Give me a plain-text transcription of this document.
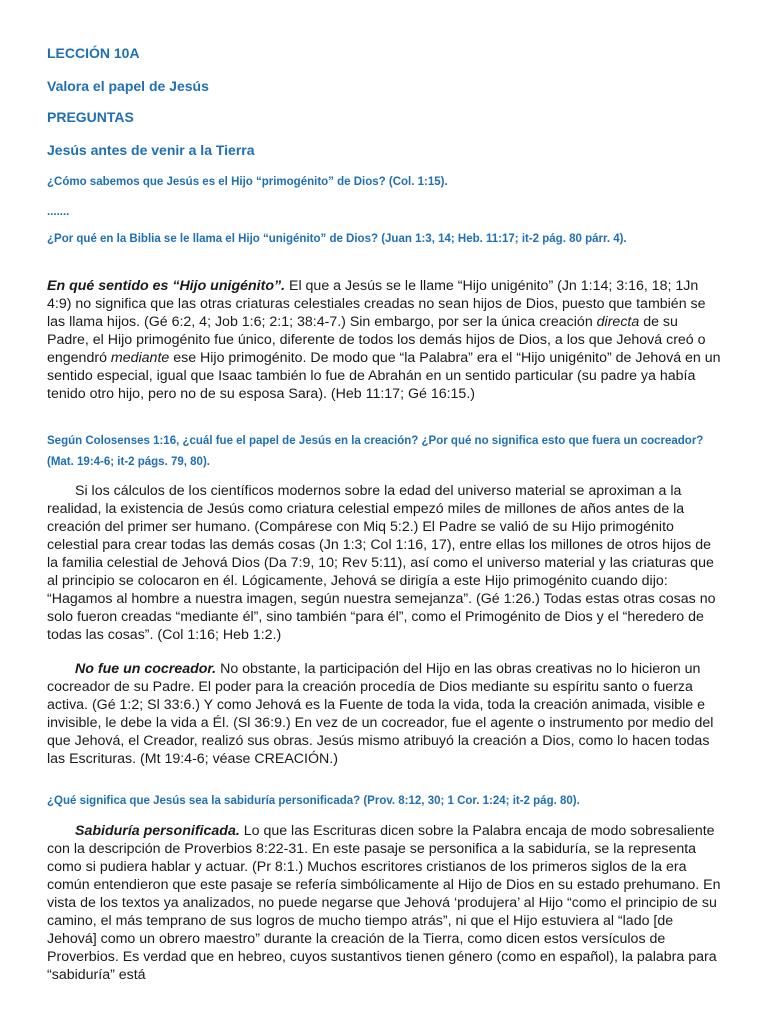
LECCIÓN 10A
Valora el papel de Jesús
PREGUNTAS
Jesús antes de venir a la Tierra

¿Cómo sabemos que Jesús es el Hijo “primogénito” de Dios? (Col. 1:15).

.......

¿Por qué en la Biblia se le llama el Hijo “unigénito” de Dios? (Juan 1:3, 14; Heb. 11:17; it-2 pág. 80 párr. 4).

En qué sentido es “Hijo unigénito”. El que a Jesús se le llame “Hijo unigénito” (Jn 1:14; 3:16, 18; 1Jn 4:9) no significa que las otras criaturas celestiales creadas no sean hijos de Dios, puesto que también se las llama hijos. (Gé 6:2, 4; Job 1:6; 2:1; 38:4-7.) Sin embargo, por ser la única creación directa de su Padre, el Hijo primogénito fue único, diferente de todos los demás hijos de Dios, a los que Jehová creó o engendró mediante ese Hijo primogénito. De modo que “la Palabra” era el “Hijo unigénito” de Jehová en un sentido especial, igual que Isaac también lo fue de Abrahán en un sentido particular (su padre ya había tenido otro hijo, pero no de su esposa Sara). (Heb 11:17; Gé 16:15.)

Según Colosenses 1:16, ¿cuál fue el papel de Jesús en la creación? ¿Por qué no significa esto que fuera un cocreador? (Mat. 19:4-6; it-2 págs. 79, 80).

Si los cálculos de los científicos modernos sobre la edad del universo material se aproximan a la realidad, la existencia de Jesús como criatura celestial empezó miles de millones de años antes de la creación del primer ser humano. (Compárese con Miq 5:2.) El Padre se valió de su Hijo primogénito celestial para crear todas las demás cosas (Jn 1:3; Col 1:16, 17), entre ellas los millones de otros hijos de la familia celestial de Jehová Dios (Da 7:9, 10; Rev 5:11), así como el universo material y las criaturas que al principio se colocaron en él. Lógicamente, Jehová se dirigía a este Hijo primogénito cuando dijo: “Hagamos al hombre a nuestra imagen, según nuestra semejanza”. (Gé 1:26.) Todas estas otras cosas no solo fueron creadas “mediante él”, sino también “para él”, como el Primogénito de Dios y el “heredero de todas las cosas”. (Col 1:16; Heb 1:2.)

No fue un cocreador. No obstante, la participación del Hijo en las obras creativas no lo hicieron un cocreador de su Padre. El poder para la creación procedía de Dios mediante su espíritu santo o fuerza activa. (Gé 1:2; Sl 33:6.) Y como Jehová es la Fuente de toda la vida, toda la creación animada, visible e invisible, le debe la vida a Él. (Sl 36:9.) En vez de un cocreador, fue el agente o instrumento por medio del que Jehová, el Creador, realizó sus obras. Jesús mismo atribuyó la creación a Dios, como lo hacen todas las Escrituras. (Mt 19:4-6; véase CREACIÓN.)

¿Qué significa que Jesús sea la sabiduría personificada? (Prov. 8:12, 30; 1 Cor. 1:24; it-2 pág. 80).

Sabiduría personificada. Lo que las Escrituras dicen sobre la Palabra encaja de modo sobresaliente con la descripción de Proverbios 8:22-31. En este pasaje se personifica a la sabiduría, se la representa como si pudiera hablar y actuar. (Pr 8:1.) Muchos escritores cristianos de los primeros siglos de la era común entendieron que este pasaje se refería simbólicamente al Hijo de Dios en su estado prehumano. En vista de los textos ya analizados, no puede negarse que Jehová ‘produjera’ al Hijo “como el principio de su camino, el más temprano de sus logros de mucho tiempo atrás”, ni que el Hijo estuviera al “lado [de Jehová] como un obrero maestro” durante la creación de la Tierra, como dicen estos versículos de Proverbios. Es verdad que en hebreo, cuyos sustantivos tienen género (como en español), la palabra para “sabiduría” está
